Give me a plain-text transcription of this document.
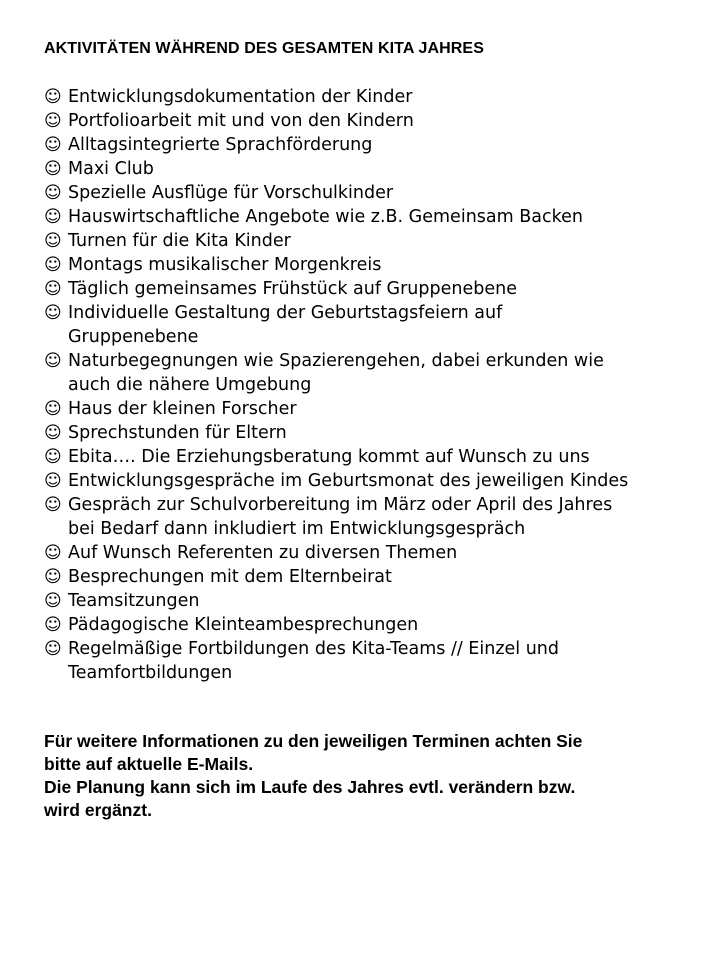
AKTIVITÄTEN WÄHREND DES GESAMTEN KITA JAHRES
☺ Entwicklungsdokumentation der Kinder
☺ Portfolioarbeit mit und von den Kindern
☺ Alltagsintegrierte Sprachförderung
☺ Maxi Club
☺ Spezielle Ausflüge für Vorschulkinder
☺ Hauswirtschaftliche Angebote wie z.B. Gemeinsam Backen
☺ Turnen für die Kita Kinder
☺ Montags musikalischer Morgenkreis
☺ Täglich gemeinsames Frühstück auf Gruppenebene
☺ Individuelle Gestaltung der Geburtstagsfeiern auf
Gruppenebene
☺ Naturbegegnungen wie Spazierengehen, dabei erkunden wie
auch die nähere Umgebung
☺ Haus der kleinen Forscher
☺ Sprechstunden für Eltern
☺ Ebita…. Die Erziehungsberatung kommt auf Wunsch zu uns
☺ Entwicklungsgespräche im Geburtsmonat des jeweiligen Kindes
☺ Gespräch zur Schulvorbereitung im März oder April des Jahres
bei Bedarf dann inkludiert im Entwicklungsgespräch
☺ Auf Wunsch Referenten zu diversen Themen
☺ Besprechungen mit dem Elternbeirat
☺ Teamsitzungen
☺ Pädagogische Kleinteambesprechungen
☺ Regelmäßige Fortbildungen des Kita-Teams // Einzel und
Teamfortbildungen

Für weitere Informationen zu den jeweiligen Terminen achten Sie
bitte auf aktuelle E-Mails.

Die Planung kann sich im Laufe des Jahres evtl. verändern bzw.
wird ergänzt.
